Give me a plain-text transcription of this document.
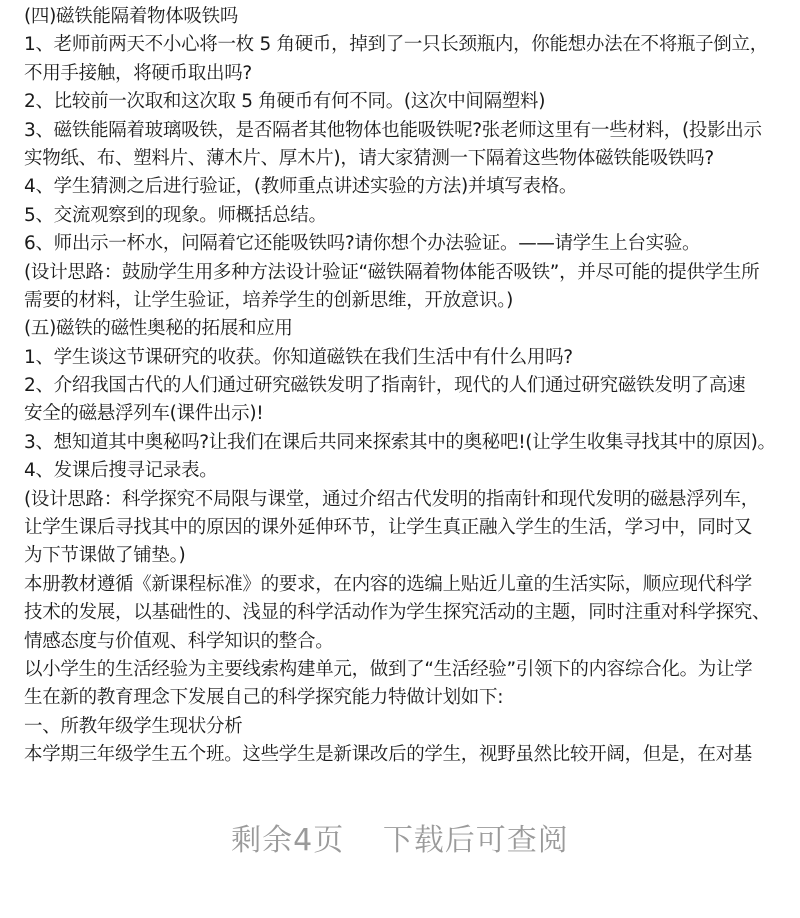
(四)磁铁能隔着物体吸铁吗
1、老师前两天不小心将一枚 5 角硬币，掉到了一只长颈瓶内，你能想办法在不将瓶子倒立，
不用手接触，将硬币取出吗?
2、比较前一次取和这次取 5 角硬币有何不同。(这次中间隔塑料)
3、磁铁能隔着玻璃吸铁，是否隔者其他物体也能吸铁呢?张老师这里有一些材料，(投影出示
实物纸、布、塑料片、薄木片、厚木片)，请大家猜测一下隔着这些物体磁铁能吸铁吗?
4、学生猜测之后进行验证，(教师重点讲述实验的方法)并填写表格。
5、交流观察到的现象。师概括总结。
6、师出示一杯水，问隔着它还能吸铁吗?请你想个办法验证。——请学生上台实验。
(设计思路：鼓励学生用多种方法设计验证“磁铁隔着物体能否吸铁”，并尽可能的提供学生所
需要的材料，让学生验证，培养学生的创新思维，开放意识。)
(五)磁铁的磁性奥秘的拓展和应用
1、学生谈这节课研究的收获。你知道磁铁在我们生活中有什么用吗?
2、介绍我国古代的人们通过研究磁铁发明了指南针，现代的人们通过研究磁铁发明了高速
安全的磁悬浮列车(课件出示)!
3、想知道其中奥秘吗?让我们在课后共同来探索其中的奥秘吧!(让学生收集寻找其中的原因)。
4、发课后搜寻记录表。
(设计思路：科学探究不局限与课堂，通过介绍古代发明的指南针和现代发明的磁悬浮列车，
让学生课后寻找其中的原因的课外延伸环节，让学生真正融入学生的生活，学习中，同时又
为下节课做了铺垫。)
本册教材遵循《新课程标准》的要求，在内容的选编上贴近儿童的生活实际，顺应现代科学
技术的发展，以基础性的、浅显的科学活动作为学生探究活动的主题，同时注重对科学探究、
情感态度与价值观、科学知识的整合。
以小学生的生活经验为主要线索构建单元，做到了“生活经验”引领下的内容综合化。为让学
生在新的教育理念下发展自己的科学探究能力特做计划如下:
一、所教年级学生现状分析
本学期三年级学生五个班。这些学生是新课改后的学生，视野虽然比较开阔，但是，在对基
剩余4页 下载后可查阅
